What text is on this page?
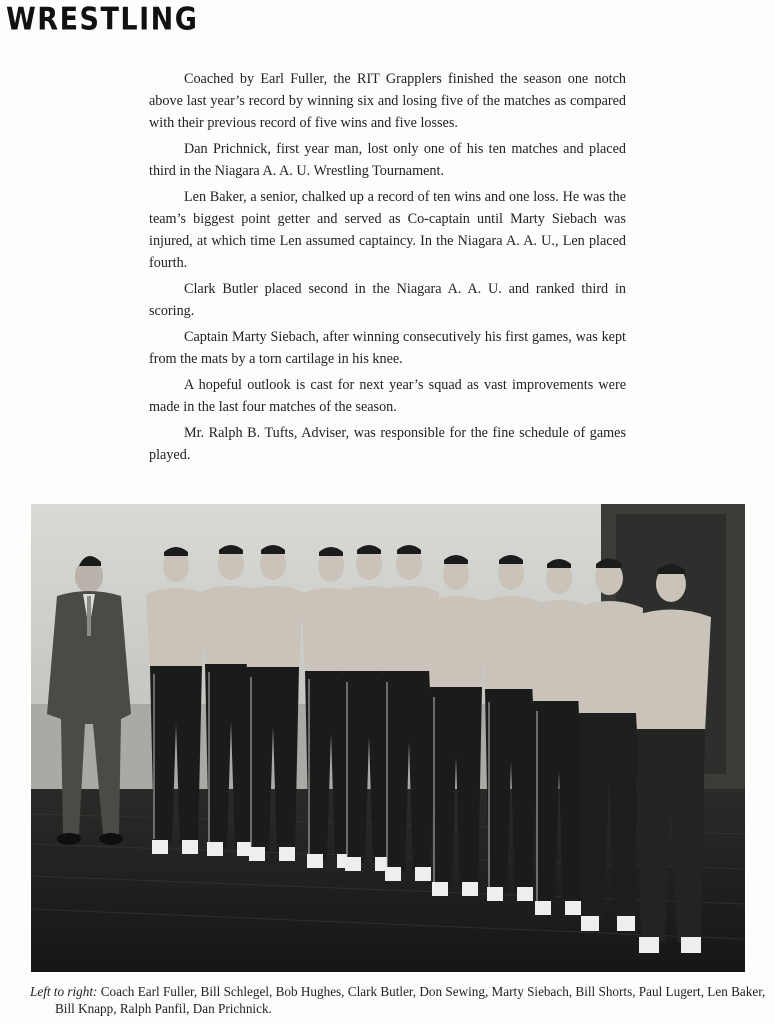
WRESTLING

Coached by Earl Fuller, the RIT Grapplers finished the season one notch above last year’s record by winning six and losing five of the matches as compared with their previous record of five wins and five losses.

Dan Prichnick, first year man, lost only one of his ten matches and placed third in the Niagara A. A. U. Wrestling Tournament.

Len Baker, a senior, chalked up a record of ten wins and one loss. He was the team’s biggest point getter and served as Co-captain until Marty Siebach was injured, at which time Len assumed captaincy. In the Niagara A. A. U., Len placed fourth.

Clark Butler placed second in the Niagara A. A. U. and ranked third in scoring.

Captain Marty Siebach, after winning consecutively his first games, was kept from the mats by a torn cartilage in his knee.

A hopeful outlook is cast for next year’s squad as vast improvements were made in the last four matches of the season.

Mr. Ralph B. Tufts, Adviser, was responsible for the fine schedule of games played.

Left to right: Coach Earl Fuller, Bill Schlegel, Bob Hughes, Clark Butler, Don Sewing, Marty Siebach, Bill Shorts, Paul Lugert, Len Baker, Bill Knapp, Ralph Panfil, Dan Prichnick.
